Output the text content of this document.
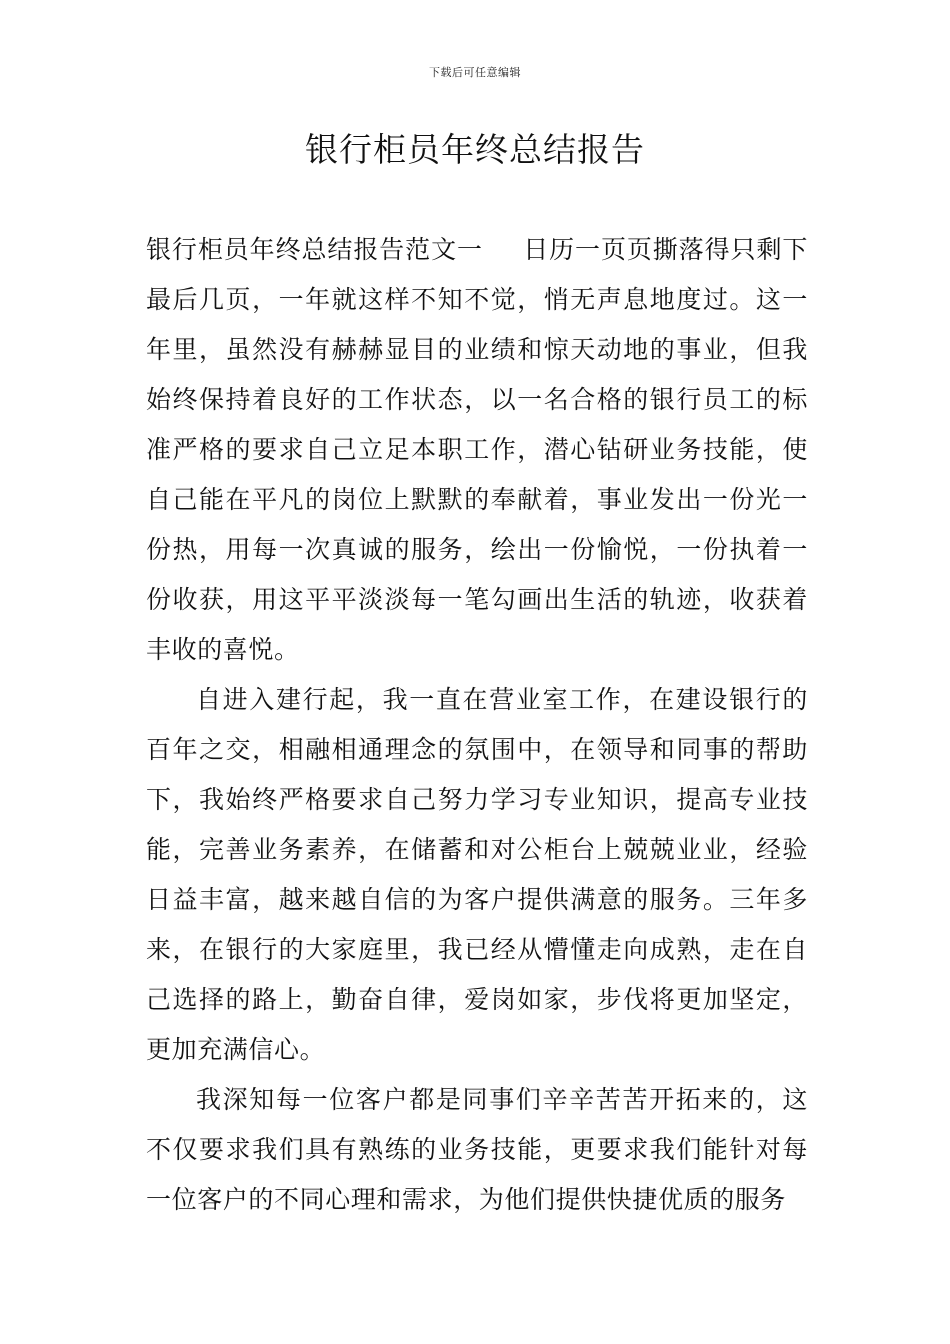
下载后可任意编辑
银行柜员年终总结报告

银行柜员年终总结报告范文一 日历一页页撕落得只剩下最后几页，一年就这样不知不觉，悄无声息地度过。这一年里，虽然没有赫赫显目的业绩和惊天动地的事业，但我始终保持着良好的工作状态，以一名合格的银行员工的标准严格的要求自己立足本职工作，潜心钻研业务技能，使自己能在平凡的岗位上默默的奉献着，事业发出一份光一份热，用每一次真诚的服务，绘出一份愉悦，一份执着一份收获，用这平平淡淡每一笔勾画出生活的轨迹，收获着丰收的喜悦。

自进入建行起，我一直在营业室工作，在建设银行的百年之交，相融相通理念的氛围中，在领导和同事的帮助下，我始终严格要求自己努力学习专业知识，提高专业技能，完善业务素养，在储蓄和对公柜台上兢兢业业，经验日益丰富，越来越自信的为客户提供满意的服务。三年多来，在银行的大家庭里，我已经从懵懂走向成熟，走在自己选择的路上，勤奋自律，爱岗如家，步伐将更加坚定，更加充满信心。

我深知每一位客户都是同事们辛辛苦苦开拓来的，这不仅要求我们具有熟练的业务技能，更要求我们能针对每一位客户的不同心理和需求，为他们提供快捷优质的服务
